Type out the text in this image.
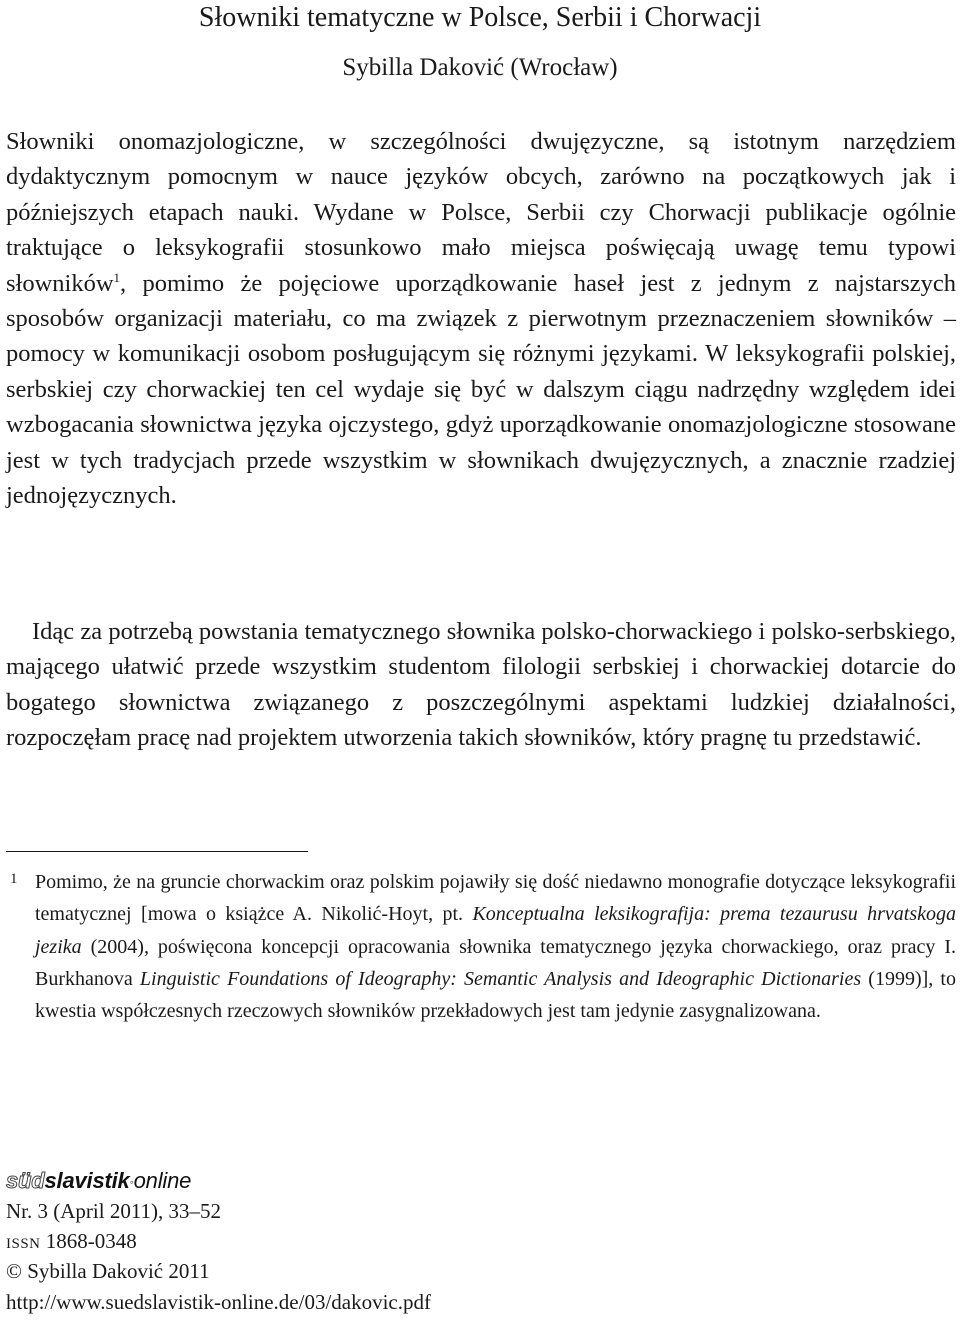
Słowniki tematyczne w Polsce, Serbii i Chorwacji
Sybilla Daković (Wrocław)

Słowniki onomazjologiczne, w szczególności dwujęzyczne, są istotnym narzędziem dydaktycznym pomocnym w nauce języków obcych, zarówno na początkowych jak i późniejszych etapach nauki. Wydane w Polsce, Serbii czy Chorwacji publikacje ogólnie traktujące o leksykografii stosunkowo mało miejsca poświęcają uwagę temu typowi słowników$^1$, pomimo że pojęciowe uporządkowanie haseł jest z jednym z najstarszych sposobów organizacji materiału, co ma związek z pierwotnym przeznaczeniem słowników – pomocy w komunikacji osobom posługującym się różnymi językami. W leksykografii polskiej, serbskiej czy chorwackiej ten cel wydaje się być w dalszym ciągu nadrzędny względem idei wzbogacania słownictwa języka ojczystego, gdyż uporządkowanie onomazjologiczne stosowane jest w tych tradycjach przede wszystkim w słownikach dwujęzycznych, a znacznie rzadziej jednojęzycznych.

Idąc za potrzebą powstania tematycznego słownika polsko-chorwackiego i polsko-serbskiego, mającego ułatwić przede wszystkim studentom filologii serbskiej i chorwackiej dotarcie do bogatego słownictwa związanego z poszczególnymi aspektami ludzkiej działalności, rozpoczęłam pracę nad projektem utworzenia takich słowników, który pragnę tu przedstawić.

1 Pomimo, że na gruncie chorwackim oraz polskim pojawiły się dość niedawno monografie dotyczące leksykografii tematycznej [mowa o książce A. Nikolić-Hoyt, pt. Konceptualna leksikografija: prema tezaurusu hrvatskoga jezika (2004), poświęcona koncepcji opracowania słownika tematycznego języka chorwackiego, oraz pracy I. Burkhanova Linguistic Foundations of Ideography: Semantic Analysis and Ideographic Dictionaries (1999)], to kwestia współczesnych rzeczowych słowników przekładowych jest tam jedynie zasygnalizowana.

südslavistik◦online
Nr. 3 (April 2011), 33–52
issn 1868-0348
© Sybilla Daković 2011
http://www.suedslavistik-online.de/03/dakovic.pdf
